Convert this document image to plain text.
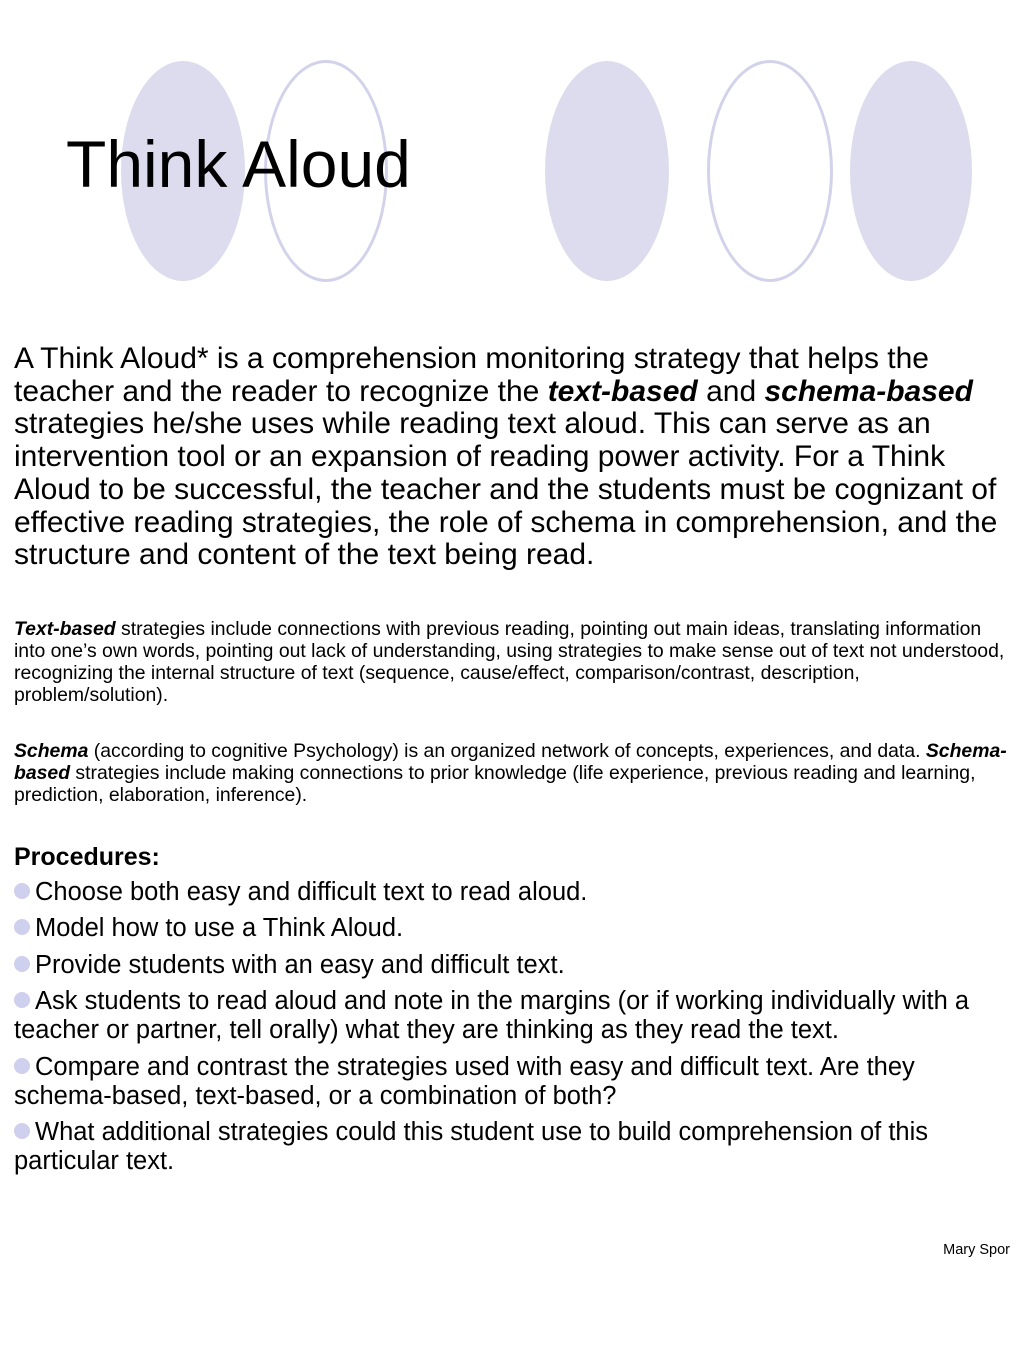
Think Aloud

A Think Aloud* is a comprehension monitoring strategy that helps the teacher and the reader to recognize the text-based and schema-based strategies he/she uses while reading text aloud. This can serve as an intervention tool or an expansion of reading power activity. For a Think Aloud to be successful, the teacher and the students must be cognizant of effective reading strategies, the role of schema in comprehension, and the structure and content of the text being read.

Text-based strategies include connections with previous reading, pointing out main ideas, translating information into one’s own words, pointing out lack of understanding, using strategies to make sense out of text not understood, recognizing the internal structure of text (sequence, cause/effect, comparison/contrast, description, problem/solution).

Schema (according to cognitive Psychology) is an organized network of concepts, experiences, and data. Schema-based strategies include making connections to prior knowledge (life experience, previous reading and learning, prediction, elaboration, inference).

Procedures:

Choose both easy and difficult text to read aloud.
Model how to use a Think Aloud.
Provide students with an easy and difficult text.
Ask students to read aloud and note in the margins (or if working individually with a teacher or partner, tell orally) what they are thinking as they read the text.
Compare and contrast the strategies used with easy and difficult text. Are they schema-based, text-based, or a combination of both?
What additional strategies could this student use to build comprehension of this particular text.
Mary Spor
